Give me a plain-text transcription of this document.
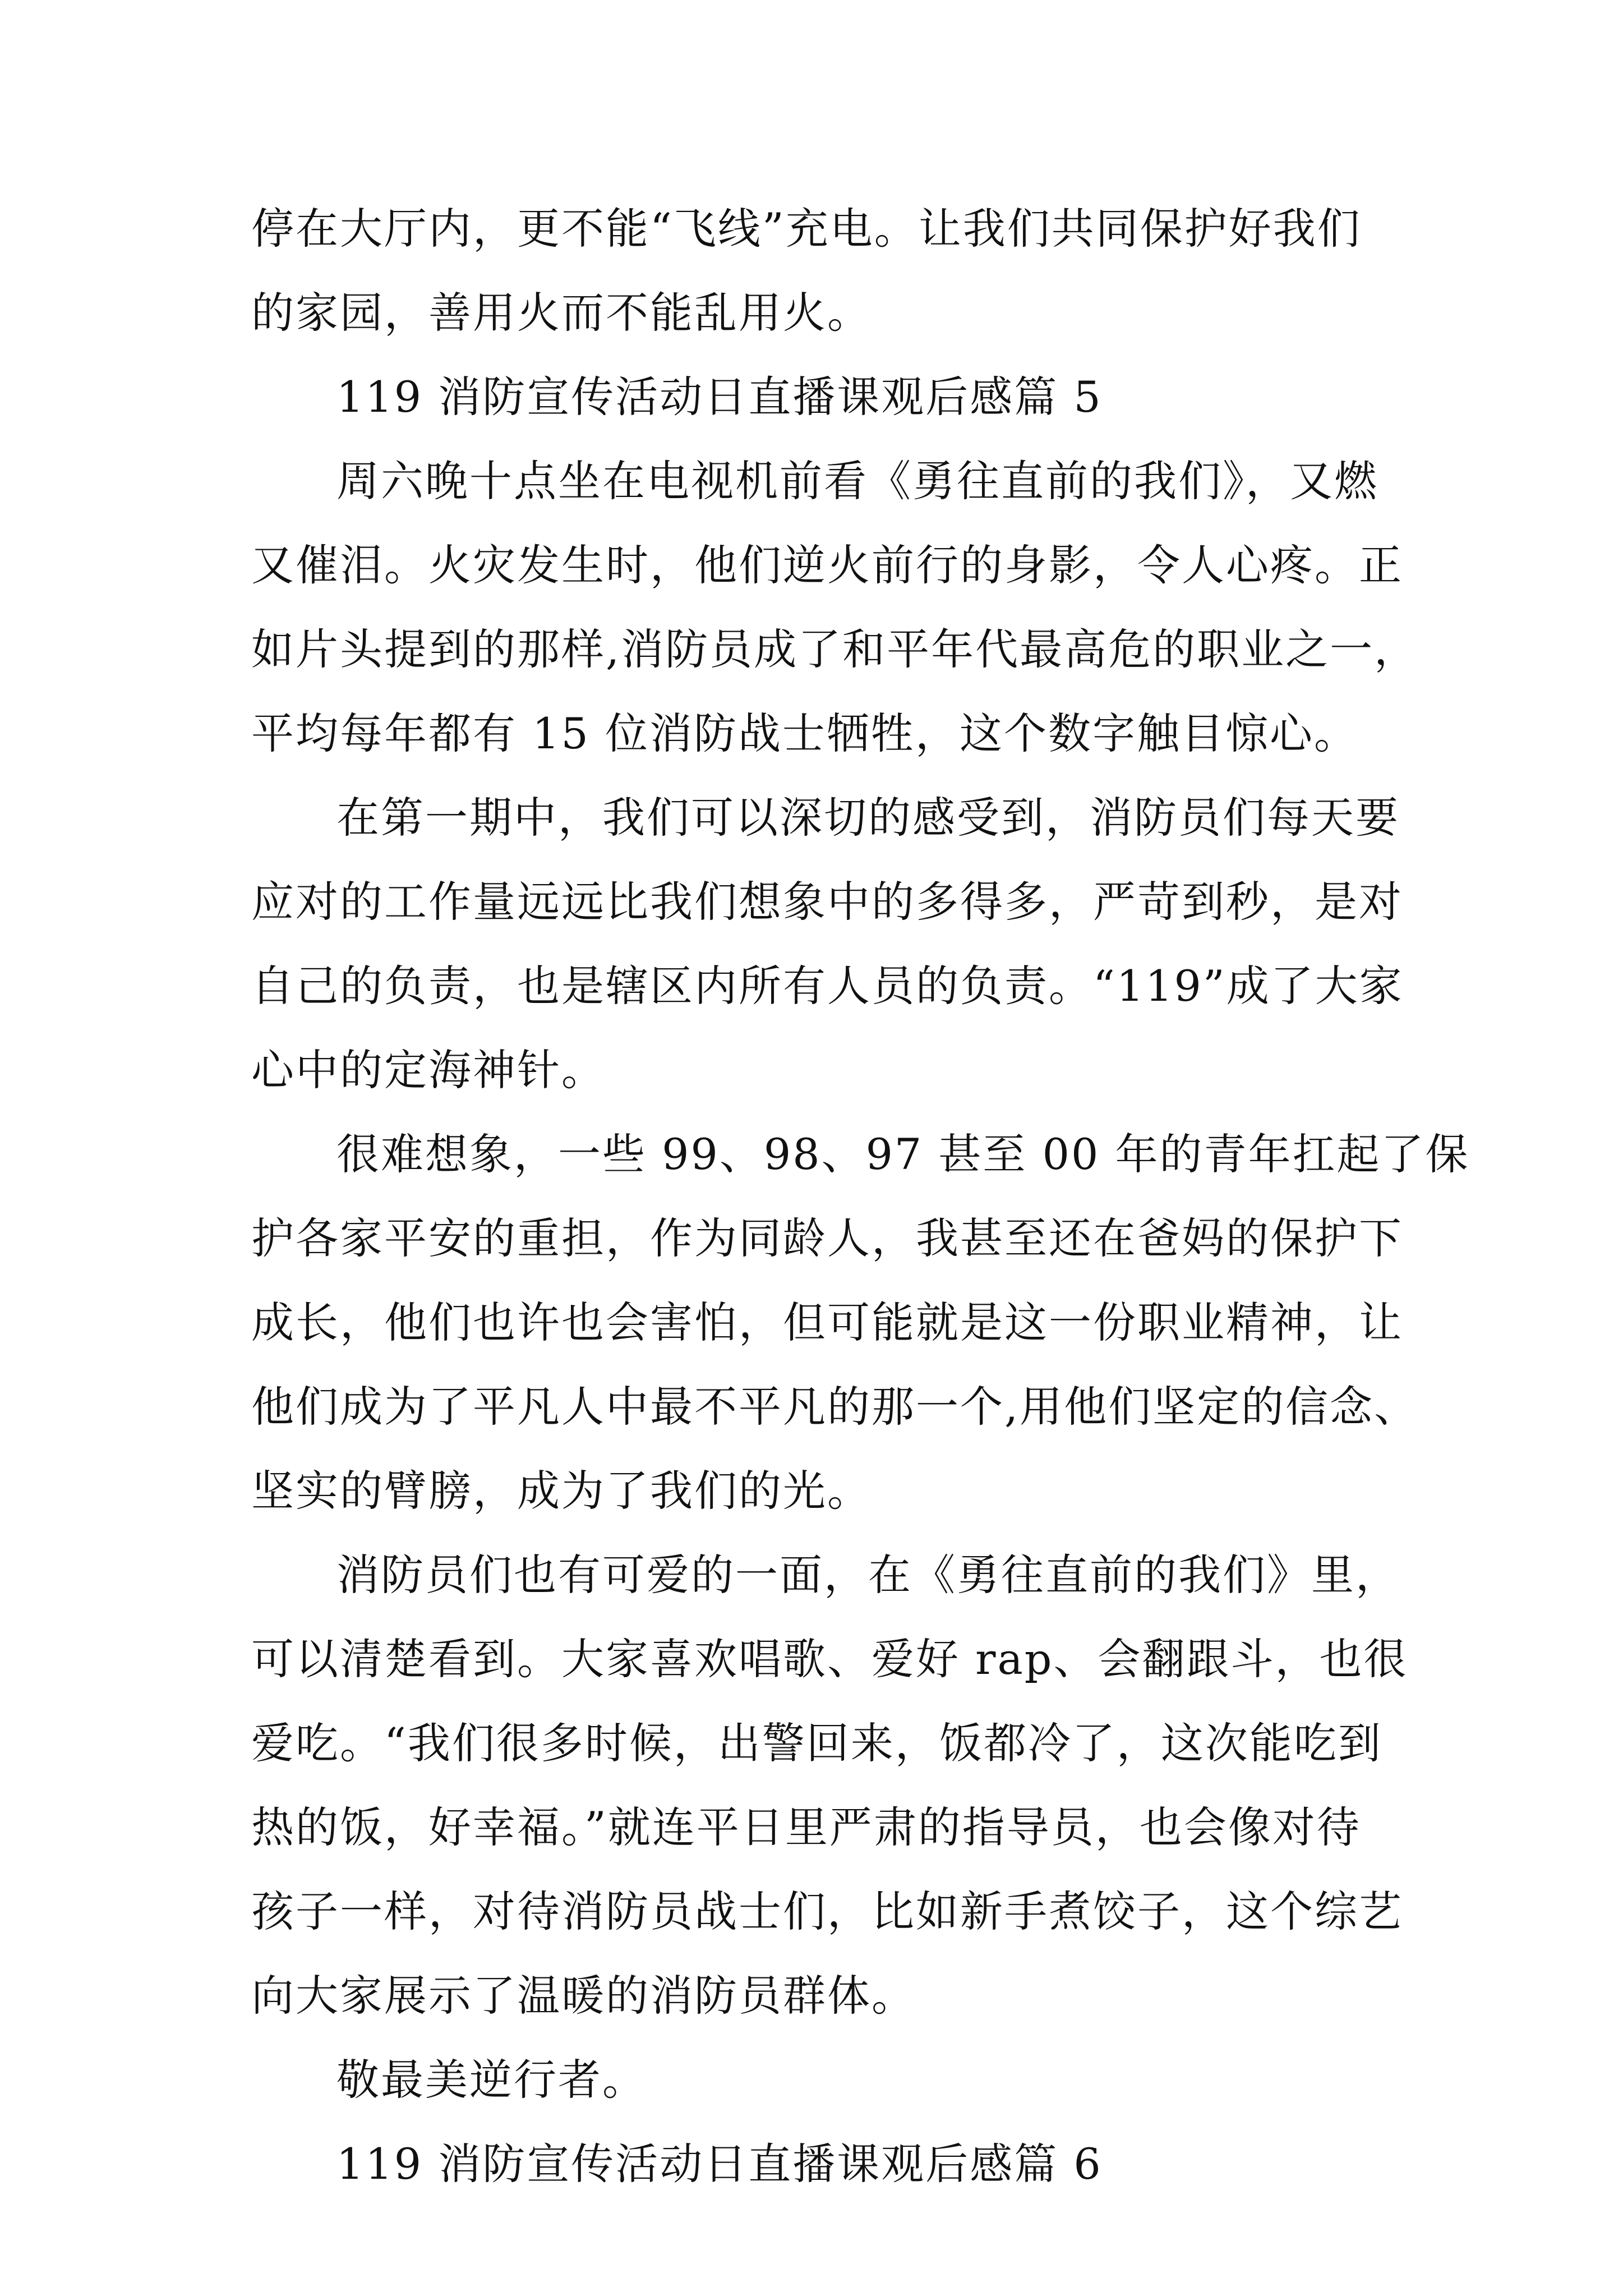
停在大厅内，更不能“飞线”充电。让我们共同保护好我们
的家园，善用火而不能乱用火。
119 消防宣传活动日直播课观后感篇 5
周六晚十点坐在电视机前看《勇往直前的我们》，又燃
又催泪。火灾发生时，他们逆火前行的身影，令人心疼。正
如片头提到的那样,消防员成了和平年代最高危的职业之一，
平均每年都有 15 位消防战士牺牲，这个数字触目惊心。
在第一期中，我们可以深切的感受到，消防员们每天要
应对的工作量远远比我们想象中的多得多，严苛到秒，是对
自己的负责，也是辖区内所有人员的负责。“119”成了大家
心中的定海神针。
很难想象，一些 99、98、97 甚至 00 年的青年扛起了保
护各家平安的重担，作为同龄人，我甚至还在爸妈的保护下
成长，他们也许也会害怕，但可能就是这一份职业精神，让
他们成为了平凡人中最不平凡的那一个,用他们坚定的信念、
坚实的臂膀，成为了我们的光。
消防员们也有可爱的一面，在《勇往直前的我们》里，
可以清楚看到。大家喜欢唱歌、爱好 rap、会翻跟斗，也很
爱吃。“我们很多时候，出警回来，饭都冷了，这次能吃到
热的饭，好幸福。”就连平日里严肃的指导员，也会像对待
孩子一样，对待消防员战士们，比如新手煮饺子，这个综艺
向大家展示了温暖的消防员群体。
敬最美逆行者。
119 消防宣传活动日直播课观后感篇 6
